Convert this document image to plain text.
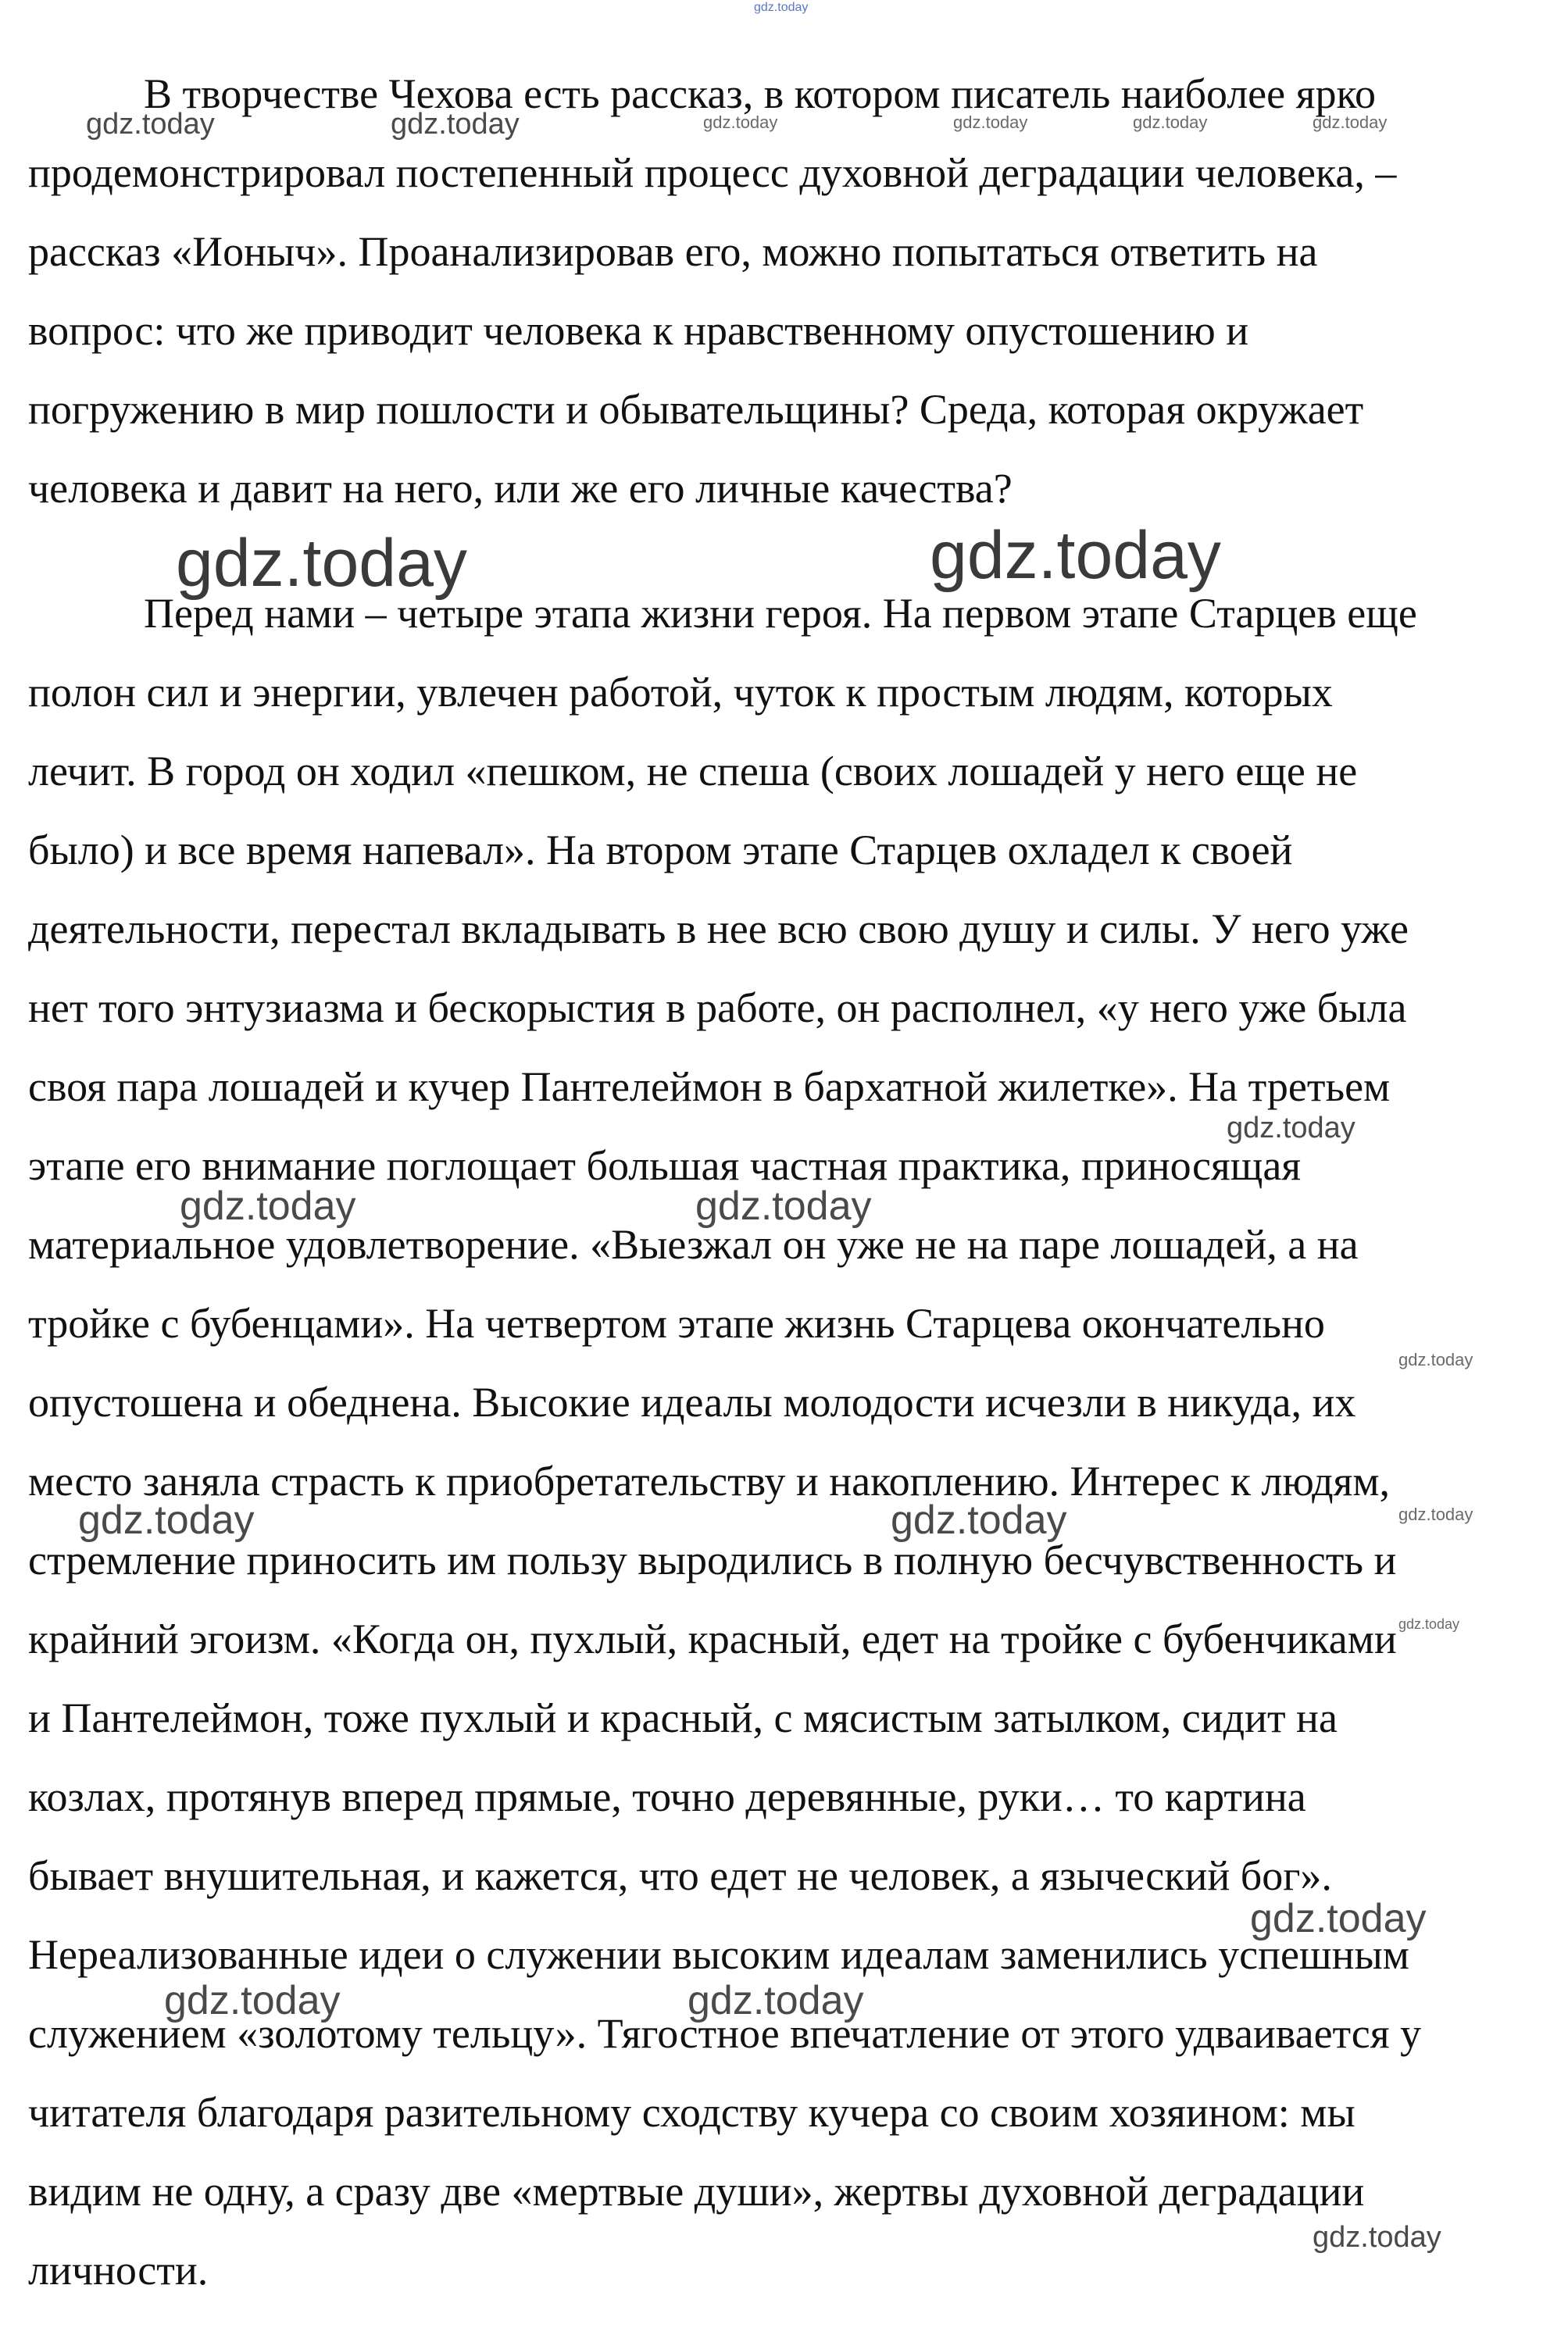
В творчестве Чехова есть рассказ, в котором писатель наиболее ярко
продемонстрировал постепенный процесс духовной деградации человека, –
рассказ «Ионыч». Проанализировав его, можно попытаться ответить на
вопрос: что же приводит человека к нравственному опустошению и
погружению в мир пошлости и обывательщины? Среда, которая окружает
человека и давит на него, или же его личные качества?
Перед нами – четыре этапа жизни героя. На первом этапе Старцев еще
полон сил и энергии, увлечен работой, чуток к простым людям, которых
лечит. В город он ходил «пешком, не спеша (своих лошадей у него еще не
было) и все время напевал». На втором этапе Старцев охладел к своей
деятельности, перестал вкладывать в нее всю свою душу и силы. У него уже
нет того энтузиазма и бескорыстия в работе, он располнел, «у него уже была
своя пара лошадей и кучер Пантелеймон в бархатной жилетке». На третьем
этапе его внимание поглощает большая частная практика, приносящая
материальное удовлетворение. «Выезжал он уже не на паре лошадей, а на
тройке с бубенцами». На четвертом этапе жизнь Старцева окончательно
опустошена и обеднена. Высокие идеалы молодости исчезли в никуда, их
место заняла страсть к приобретательству и накоплению. Интерес к людям,
стремление приносить им пользу выродились в полную бесчувственность и
крайний эгоизм. «Когда он, пухлый, красный, едет на тройке с бубенчиками
и Пантелеймон, тоже пухлый и красный, с мясистым затылком, сидит на
козлах, протянув вперед прямые, точно деревянные, руки… то картина
бывает внушительная, и кажется, что едет не человек, а языческий бог».
Нереализованные идеи о служении высоким идеалам заменились успешным
служением «золотому тельцу». Тягостное впечатление от этого удваивается у
читателя благодаря разительному сходству кучера со своим хозяином: мы
видим не одну, а сразу две «мертвые души», жертвы духовной деградации
личности.
gdz.today
gdz.today	gdz.today	gdz.today	gdz.today	gdz.today	gdz.today
gdz.today	gdz.today
gdz.today
gdz.today	gdz.today
gdz.today
gdz.today	gdz.today	gdz.today
gdz.today
gdz.today
gdz.today	gdz.today
gdz.today
